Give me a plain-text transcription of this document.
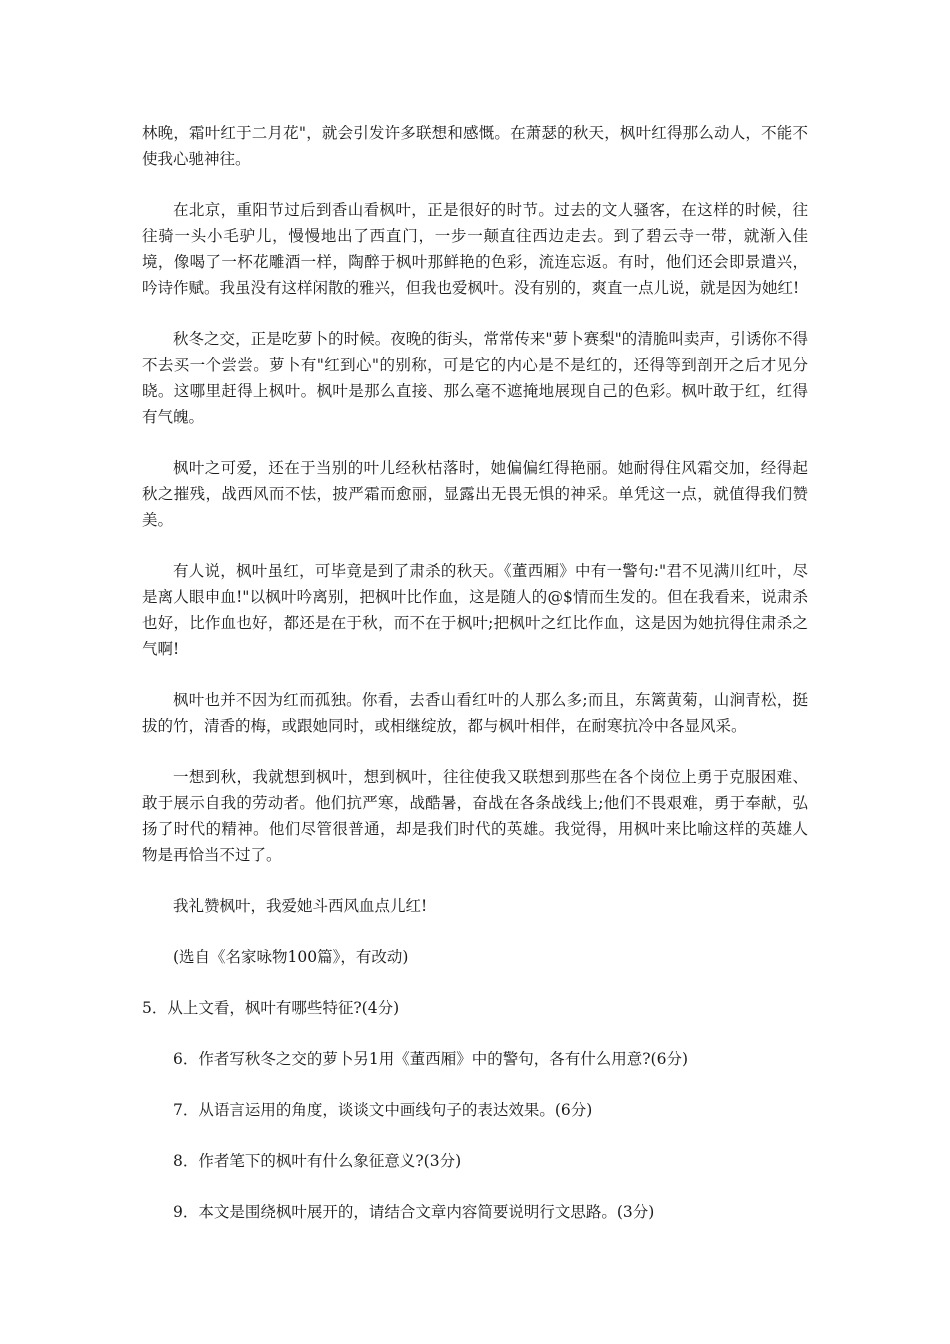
林晚，霜叶红于二月花"，就会引发许多联想和感慨。在萧瑟的秋天，枫叶红得那么动人，不能不使我心驰神往。

在北京，重阳节过后到香山看枫叶，正是很好的时节。过去的文人骚客，在这样的时候，往往骑一头小毛驴儿，慢慢地出了西直门，一步一颠直往西边走去。到了碧云寺一带，就渐入佳境，像喝了一杯花雕酒一样，陶醉于枫叶那鲜艳的色彩，流连忘返。有时，他们还会即景遣兴，吟诗作赋。我虽没有这样闲散的雅兴，但我也爱枫叶。没有别的，爽直一点儿说，就是因为她红!

秋冬之交，正是吃萝卜的时候。夜晚的街头，常常传来"萝卜赛梨"的清脆叫卖声，引诱你不得不去买一个尝尝。萝卜有"红到心"的别称，可是它的内心是不是红的，还得等到剖开之后才见分晓。这哪里赶得上枫叶。枫叶是那么直接、那么毫不遮掩地展现自己的色彩。枫叶敢于红，红得有气魄。

枫叶之可爱，还在于当别的叶儿经秋枯落时，她偏偏红得艳丽。她耐得住风霜交加，经得起秋之摧残，战西风而不怯，披严霜而愈丽，显露出无畏无惧的神采。单凭这一点，就值得我们赞美。

有人说，枫叶虽红，可毕竟是到了肃杀的秋天。《董西厢》中有一警句:"君不见满川红叶，尽是离人眼申血!"以枫叶吟离别，把枫叶比作血，这是随人的@$情而生发的。但在我看来，说肃杀也好，比作血也好，都还是在于秋，而不在于枫叶;把枫叶之红比作血，这是因为她抗得住肃杀之气啊!

枫叶也并不因为红而孤独。你看，去香山看红叶的人那么多;而且，东篱黄菊，山涧青松，挺拔的竹，清香的梅，或跟她同时，或相继绽放，都与枫叶相伴，在耐寒抗冷中各显风采。

一想到秋，我就想到枫叶，想到枫叶，往往使我又联想到那些在各个岗位上勇于克服困难、敢于展示自我的劳动者。他们抗严寒，战酷暑，奋战在各条战线上;他们不畏艰难，勇于奉献，弘扬了时代的精神。他们尽管很普通，却是我们时代的英雄。我觉得，用枫叶来比喻这样的英雄人物是再恰当不过了。

我礼赞枫叶，我爱她斗西风血点儿红!

(选自《名家咏物100篇》，有改动)

5．从上文看，枫叶有哪些特征?(4分)

6．作者写秋冬之交的萝卜另1用《董西厢》中的警句，各有什么用意?(6分)

7．从语言运用的角度，谈谈文中画线句子的表达效果。(6分)

8．作者笔下的枫叶有什么象征意义?(3分)

9．本文是围绕枫叶展开的，请结合文章内容简要说明行文思路。(3分)
